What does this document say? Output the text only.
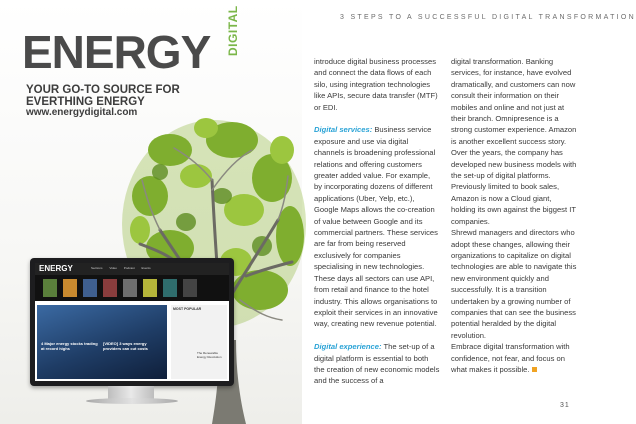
ENERGY DIGITAL
YOUR GO-TO SOURCE FOR
EVERTHING ENERGY
www.energydigital.com
ENERGY	Sections Video Podcast Events
4 Major energy stocks trading at record highs
[VIDEO] 3 ways energy providers can cut costs
MOST POPULAR
The Renewable Energy Revolution
3 STEPS TO A SUCCESSFUL DIGITAL TRANSFORMATION

introduce digital business processes and connect the data flows of each silo, using integration technologies like APIs, secure data transfer (MTF) or EDI.

Digital services: Business service exposure and use via digital channels is broadening professional relations and offering customers greater added value. For example, by incorporating dozens of different applications (Uber, Yelp, etc.), Google Maps allows the co-creation of value between Google and its commercial partners. These services are far from being reserved exclusively for companies specialising in new technologies. These days all sectors can use API, from retail and finance to the hotel industry. This allows organisations to exploit their services in an innovative way, creating new revenue potential.

Digital experience: The set-up of a digital platform is essential to both the creation of new economic models and the success of a

digital transformation. Banking services, for instance, have evolved dramatically, and customers can now consult their information on their mobiles and online and not just at their branch. Omnipresence is a strong customer experience. Amazon is another excellent success story. Over the years, the company has developed new business models with the set-up of digital platforms. Previously limited to book sales, Amazon is now a Cloud giant, holding its own against the biggest IT companies.

Shrewd managers and directors who adopt these changes, allowing their organizations to capitalize on digital technologies are able to navigate this new environment quickly and successfully. It is a transition undertaken by a growing number of companies that can see the business potential heralded by the digital revolution.

Embrace digital transformation with confidence, not fear, and focus on what makes it possible.

31
